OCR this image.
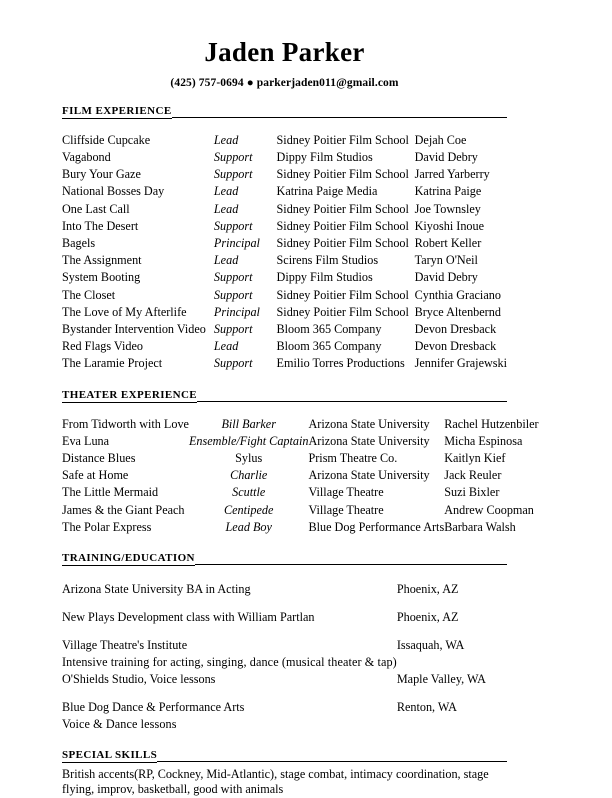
Jaden Parker
(425) 757-0694 ● parkerjaden011@gmail.com
FILM EXPERIENCE

Cliffside Cupcake	Lead	Sidney Poitier Film School	Dejah Coe
Vagabond	Support	Dippy Film Studios	David Debry
Bury Your Gaze	Support	Sidney Poitier Film School	Jarred Yarberry
National Bosses Day	Lead	Katrina Paige Media	Katrina Paige
One Last Call	Lead	Sidney Poitier Film School	Joe Townsley
Into The Desert	Support	Sidney Poitier Film School	Kiyoshi Inoue
Bagels	Principal	Sidney Poitier Film School	Robert Keller
The Assignment	Lead	Scirens Film Studios	Taryn O'Neil
System Booting	Support	Dippy Film Studios	David Debry
The Closet	Support	Sidney Poitier Film School	Cynthia Graciano
The Love of My Afterlife	Principal	Sidney Poitier Film School	Bryce Altenbernd
Bystander Intervention Video	Support	Bloom 365 Company	Devon Dresback
Red Flags Video	Lead	Bloom 365 Company	Devon Dresback
The Laramie Project	Support	Emilio Torres Productions	Jennifer Grajewski
THEATER EXPERIENCE

From Tidworth with Love	Bill Barker	Arizona State University	Rachel Hutzenbiler
Eva Luna	Ensemble/Fight Captain	Arizona State University	Micha Espinosa
Distance Blues	Sylus	Prism Theatre Co.	Kaitlyn Kief
Safe at Home	Charlie	Arizona State University	Jack Reuler
The Little Mermaid	Scuttle	Village Theatre	Suzi Bixler
James & the Giant Peach	Centipede	Village Theatre	Andrew Coopman
The Polar Express	Lead Boy	Blue Dog Performance Arts	Barbara Walsh
TRAINING/EDUCATION

Arizona State University BA in Acting	Phoenix, AZ

New Plays Development class with William Partlan	Phoenix, AZ

Village Theatre's Institute	Issaquah, WA
Intensive training for acting, singing, dance (musical theater & tap)	
O'Shields Studio, Voice lessons	Maple Valley, WA

Blue Dog Dance & Performance Arts	Renton, WA
Voice & Dance lessons	
SPECIAL SKILLS
British accents(RP, Cockney, Mid-Atlantic), stage combat, intimacy coordination, stage flying, improv, basketball, good with animals
